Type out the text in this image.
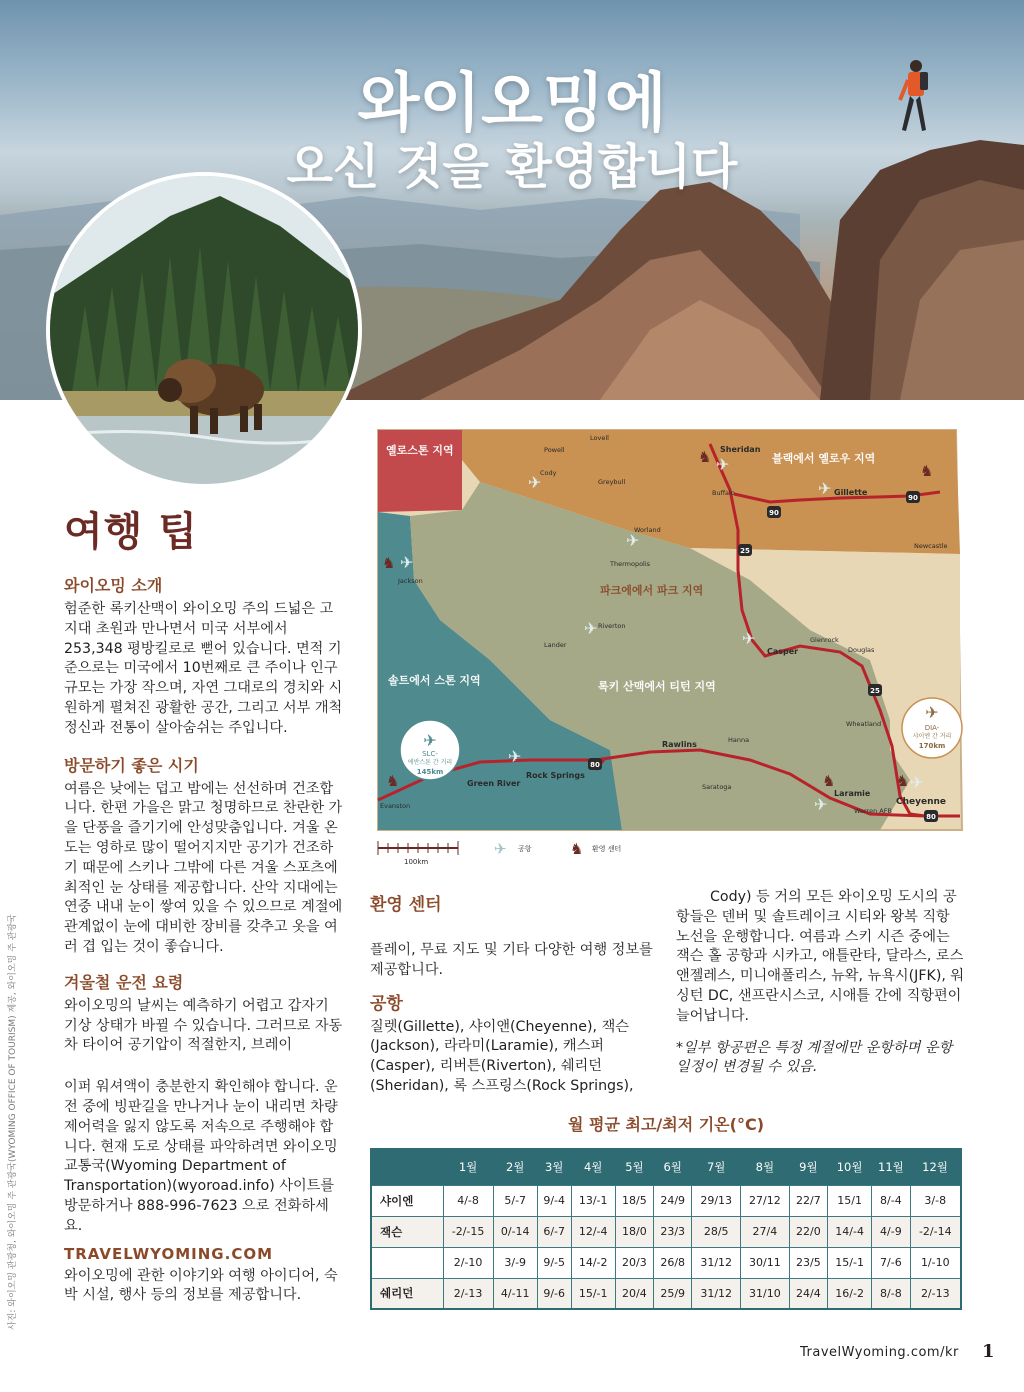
와이오밍에
오신 것을 환영합니다
사진: 와이오밍 관광청, 와이오밍 주 관광국(WYOMING OFFICE OF TOURISM) 제공, 와이오밍 주 관광국
여행 팁
와이오밍 소개

험준한 록키산맥이 와이오밍 주의 드넓은 고지대 초원과 만나면서 미국 서부에서 253,348 평방킬로로 뻗어 있습니다. 면적 기준으로는 미국에서 10번째로 큰 주이나 인구 규모는 가장 작으며, 자연 그대로의 경치와 시원하게 펼쳐진 광활한 공간, 그리고 서부 개척 정신과 전통이 살아숨쉬는 주입니다.

방문하기 좋은 시기

여름은 낮에는 덥고 밤에는 선선하며 건조합니다. 한편 가을은 맑고 청명하므로 찬란한 가을 단풍을 즐기기에 안성맞춤입니다. 겨울 온도는 영하로 많이 떨어지지만 공기가 건조하기 때문에 스키나 그밖에 다른 겨울 스포츠에 최적인 눈 상태를 제공합니다. 산악 지대에는 연중 내내 눈이 쌓여 있을 수 있으므로 계절에 관계없이 눈에 대비한 장비를 갖추고 옷을 여러 겹 입는 것이 좋습니다.

겨울철 운전 요령

와이오밍의 날씨는 예측하기 어렵고 갑자기 기상 상태가 바뀔 수 있습니다. 그러므로 자동차 타이어 공기압이 적절한지, 브레이

이퍼 워셔액이 충분한지 확인해야 합니다. 운전 중에 빙판길을 만나거나 눈이 내리면 차량 제어력을 잃지 않도록 저속으로 주행해야 합니다. 현재 도로 상태를 파악하려면 와이오밍 교통국(Wyoming Department of Transportation)(wyoroad.info) 사이트를방문하거나 888-996-7623 으로 전화하세요.

TRAVELWYOMING.COM

와이오밍에 관한 이야기와 여행 아이디어, 숙박 시설, 행사 등의 정보를 제공합니다.

90
90
25
25
80
80
옐로스톤 지역
블랙에서 옐로우 지역
파크에에서 파크 지역
솔트에서 스톤 지역	록키 산맥에서 티턴 지역
Lovell
Powell
Cody
Greybull
Buffalo
Worland
Thermopolis
Newcastle
Jackson
Riverton
Lander
Glenrock
Douglas
Wheatland
Hanna
Evanston
Saratoga
Warren AFB
Sheridan
Gillette
Casper
Rawlins
Rock Springs
Green River
Laramie
Cheyenne
✈
✈
✈
✈
✈
✈
✈
✈
✈
✈
♞
♞
♞
♞	♞	♞
✈
SLC-
에반스톤 간 거리
145km
✈
DIA-
샤이엔 간 거리
170km
100km
✈ 공항	♞ 환영 센터
환영 센터

플레이, 무료 지도 및 기타 다양한 여행 정보를 제공합니다.

공항

질렛(Gillette), 샤이앤(Cheyenne), 잭슨(Jackson), 라라미(Laramie), 캐스퍼(Casper), 리버튼(Riverton), 쉐리던(Sheridan), 록 스프링스(Rock Springs),

Cody) 등 거의 모든 와이오밍 도시의 공항들은 덴버 및 솔트레이크 시티와 왕복 직항 노선을 운행합니다. 여름과 스키 시즌 중에는 잭슨 홀 공항과 시카고, 애틀란타, 달라스, 로스앤젤레스, 미니애폴리스, 뉴왁, 뉴욕시(JFK), 워싱턴 DC, 샌프란시스코, 시애틀 간에 직항편이 늘어납니다.

*일부 항공편은 특정 계절에만 운항하며 운항 일정이 변경될 수 있음.

월 평균 최고/최저 기온(°C)
	1월	2월	3월	4월	5월	6월	7월	8월	9월	10월	11월	12월
샤이엔	4/-8	5/-7	9/-4	13/-1	18/5	24/9	29/13	27/12	22/7	15/1	8/-4	3/-8
잭슨	-2/-15	0/-14	6/-7	12/-4	18/0	23/3	28/5	27/4	22/0	14/-4	4/-9	-2/-14
	2/-10	3/-9	9/-5	14/-2	20/3	26/8	31/12	30/11	23/5	15/-1	7/-6	1/-10
쉐리던	2/-13	4/-11	9/-6	15/-1	20/4	25/9	31/12	31/10	24/4	16/-2	8/-8	2/-13
TravelWyoming.com/kr 1
